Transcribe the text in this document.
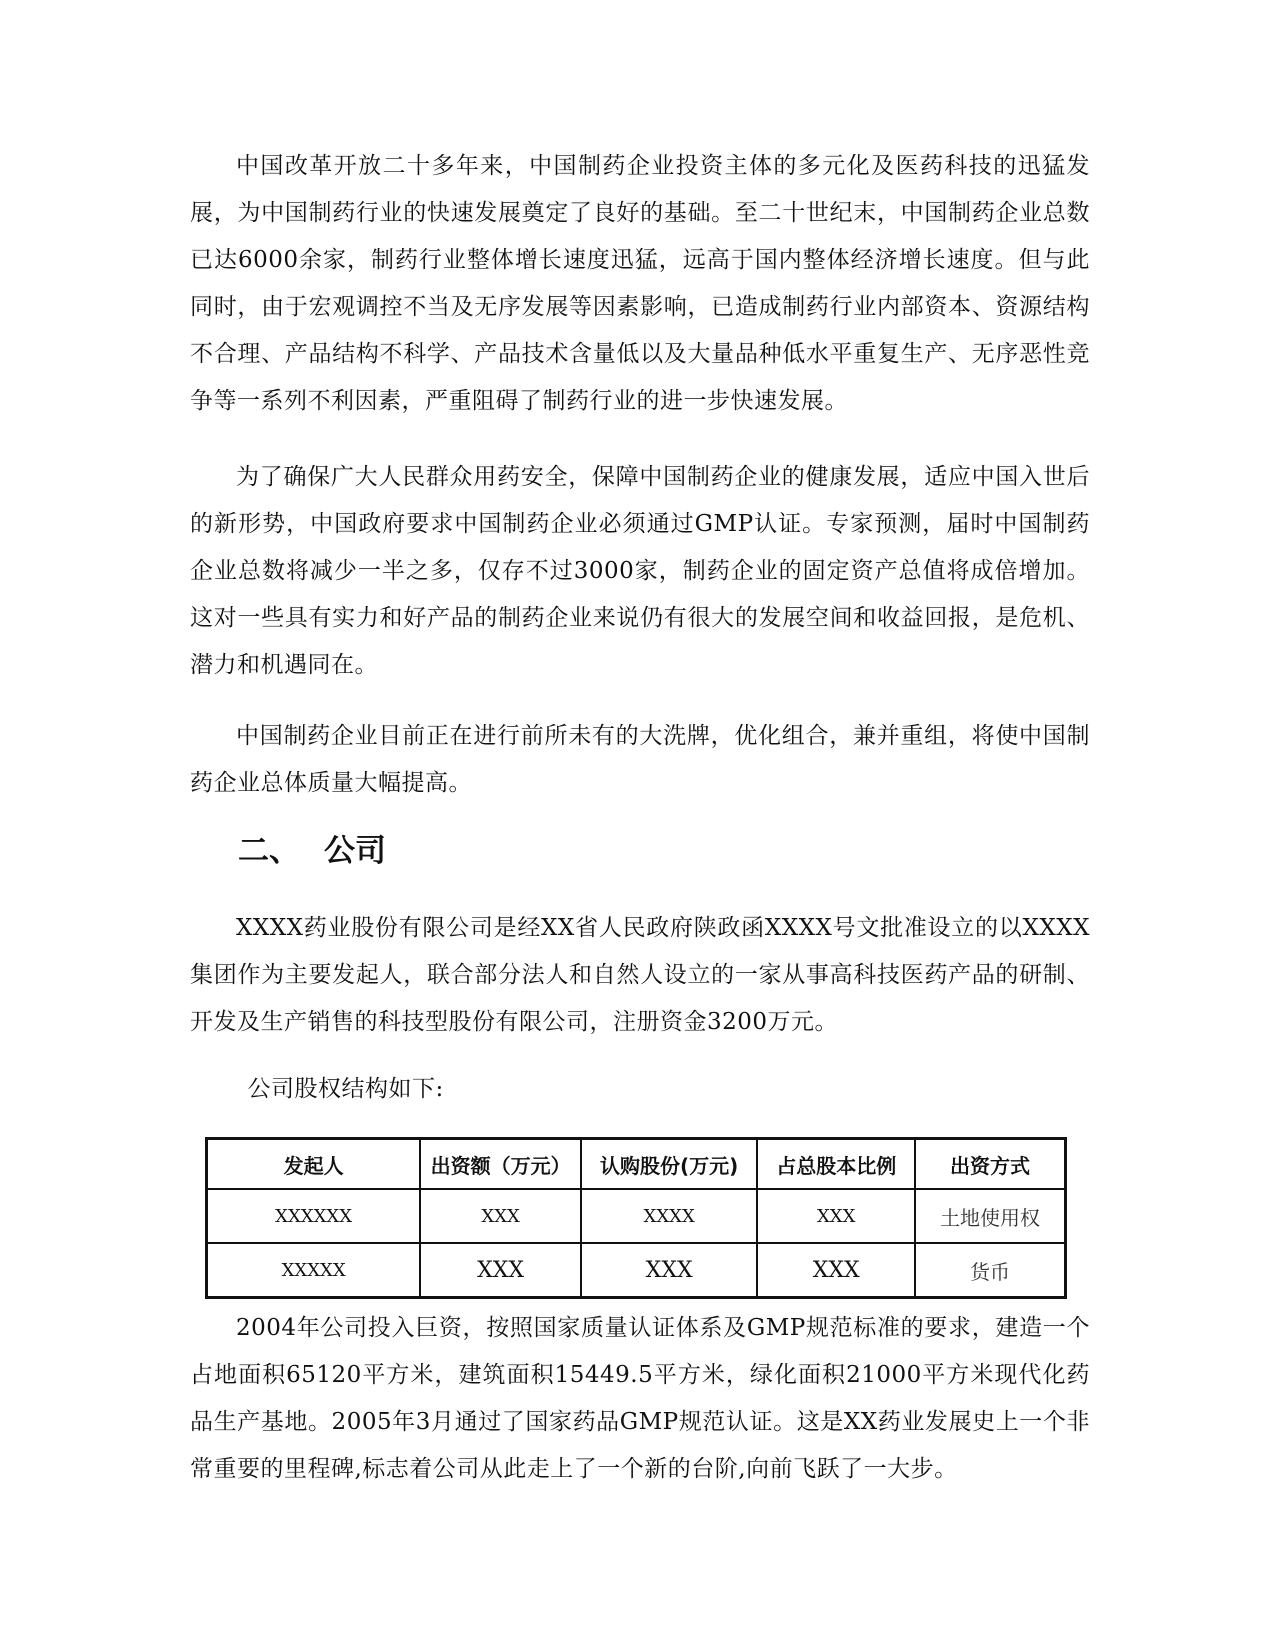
中国改革开放二十多年来，中国制药企业投资主体的多元化及医药科技的迅猛发展，为中国制药行业的快速发展奠定了良好的基础。至二十世纪末，中国制药企业总数已达6000余家，制药行业整体增长速度迅猛，远高于国内整体经济增长速度。但与此同时，由于宏观调控不当及无序发展等因素影响，已造成制药行业内部资本、资源结构不合理、产品结构不科学、产品技术含量低以及大量品种低水平重复生产、无序恶性竞争等一系列不利因素，严重阻碍了制药行业的进一步快速发展。

为了确保广大人民群众用药安全，保障中国制药企业的健康发展，适应中国入世后的新形势，中国政府要求中国制药企业必须通过GMP认证。专家预测，届时中国制药企业总数将减少一半之多，仅存不过3000家，制药企业的固定资产总值将成倍增加。这对一些具有实力和好产品的制药企业来说仍有很大的发展空间和收益回报，是危机、潜力和机遇同在。

中国制药企业目前正在进行前所未有的大洗牌，优化组合，兼并重组，将使中国制药企业总体质量大幅提高。

二、 公司

XXXX药业股份有限公司是经XX省人民政府陕政函XXXX号文批准设立的以XXXX集团作为主要发起人，联合部分法人和自然人设立的一家从事高科技医药产品的研制、开发及生产销售的科技型股份有限公司，注册资金3200万元。

公司股权结构如下:

发起人	出资额（万元）	认购股份(万元)	占总股本比例	出资方式
XXXXXX	XXX	XXXX	XXX	土地使用权
XXXXX	XXX	XXX	XXX	货币

2004年公司投入巨资，按照国家质量认证体系及GMP规范标准的要求，建造一个占地面积65120平方米，建筑面积15449.5平方米，绿化面积21000平方米现代化药品生产基地。2005年3月通过了国家药品GMP规范认证。这是XX药业发展史上一个非常重要的里程碑,标志着公司从此走上了一个新的台阶,向前飞跃了一大步。
